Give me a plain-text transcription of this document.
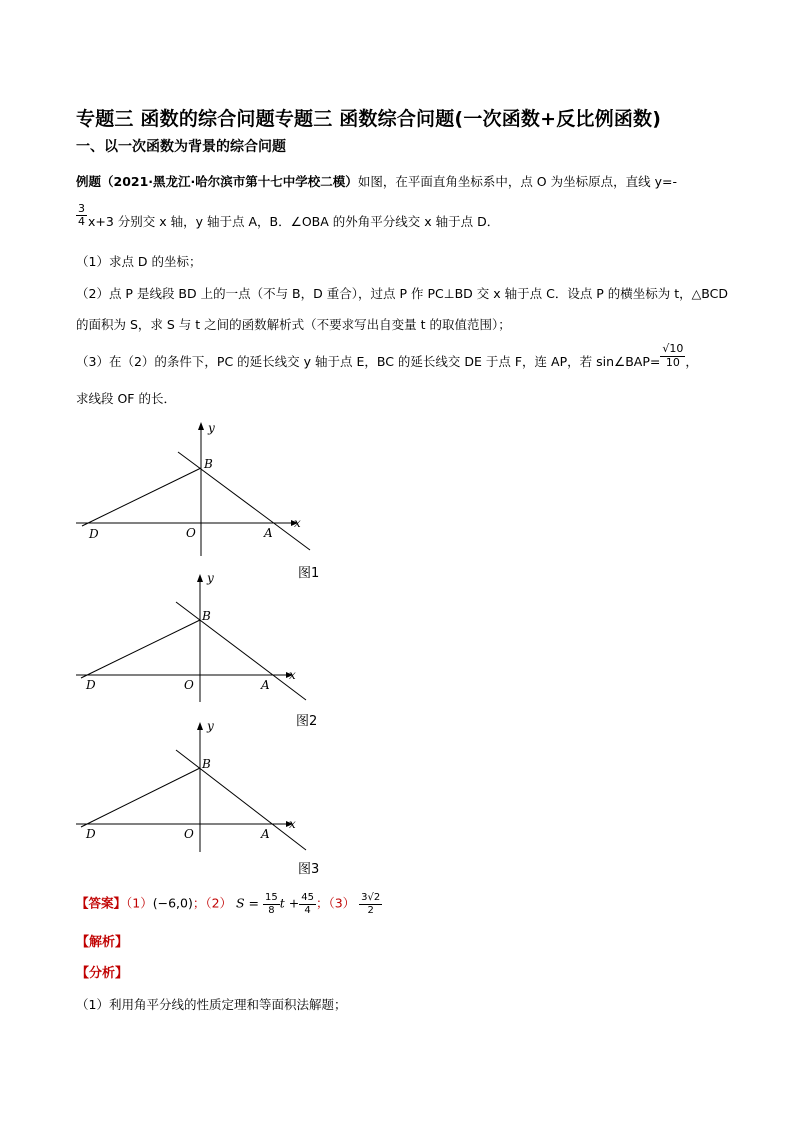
专题三 函数的综合问题专题三 函数综合问题(一次函数+反比例函数)
一、以一次函数为背景的综合问题
例题（2021·黑龙江·哈尔滨市第十七中学校二模）如图，在平面直角坐标系中，点 O 为坐标原点，直线 y=-
$\frac{3}{4} x+3$ 分别交 x 轴，y 轴于点 A，B．∠OBA 的外角平分线交 x 轴于点 D．
（1）求点 D 的坐标；
（2）点 P 是线段 BD 上的一点（不与 B，D 重合），过点 P 作 PC⊥BD 交 x 轴于点 C．设点 P 的横坐标为 t，△BCD
的面积为 S，求 S 与 t 之间的函数解析式（不要求写出自变量 t 的取值范围）；
（3）在（2）的条件下，PC 的延长线交 y 轴于点 E，BC 的延长线交 DE 于点 F，连 AP，若 sin∠BAP= $\frac{√10}{10}$ ，
求线段 OF 的长．
x
y
B
D	O	A
图1
x
y
B
D	O	A
图2
x
y
B
D	O	A
图3
【答案】（1）(−6,0)；（2） $S = \frac{15}{8}$ $t + \frac{45}{4}$ ；$(3) \frac{3√2}{2}$
【解析】
【分析】
（1）利用角平分线的性质定理和等面积法解题；
